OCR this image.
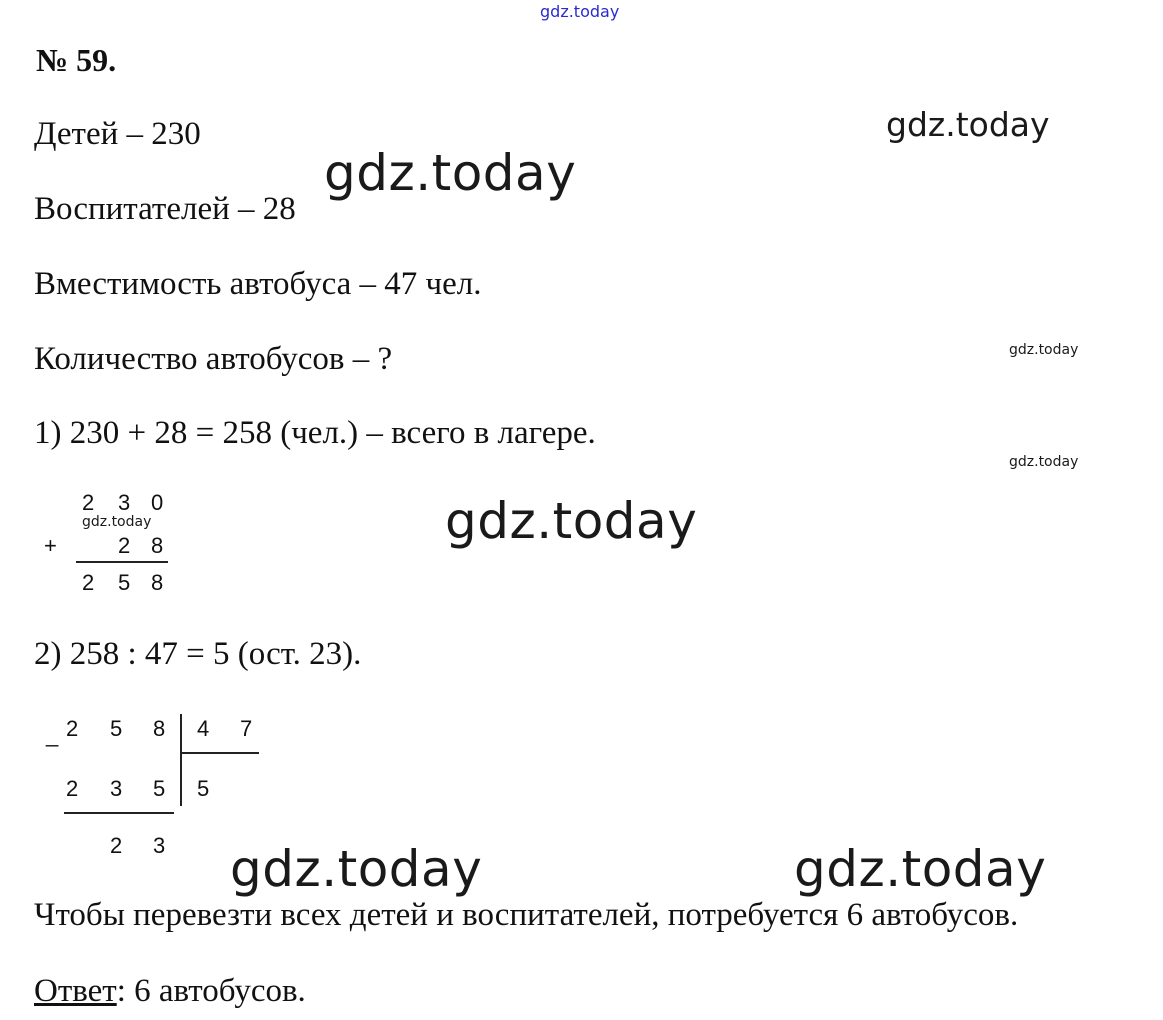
gdz.today
gdz.today
gdz.today
gdz.today
gdz.today
gdz.today	gdz.today
gdz.today	gdz.today
№ 59.
Детей – 230
Воспитателей – 28
Вместимость автобуса – 47 чел.
Количество автобусов – ?
1) 230 + 28 = 258 (чел.) – всего в лагере.
2 3 0
+	2 8
2 5 8
2) 258 : 47 = 5 (ост. 23).
_ 2 5 8 4 7
2 3 5 5
2 3
Чтобы перевезти всех детей и воспитателей, потребуется 6 автобусов.
Ответ: 6 автобусов.
